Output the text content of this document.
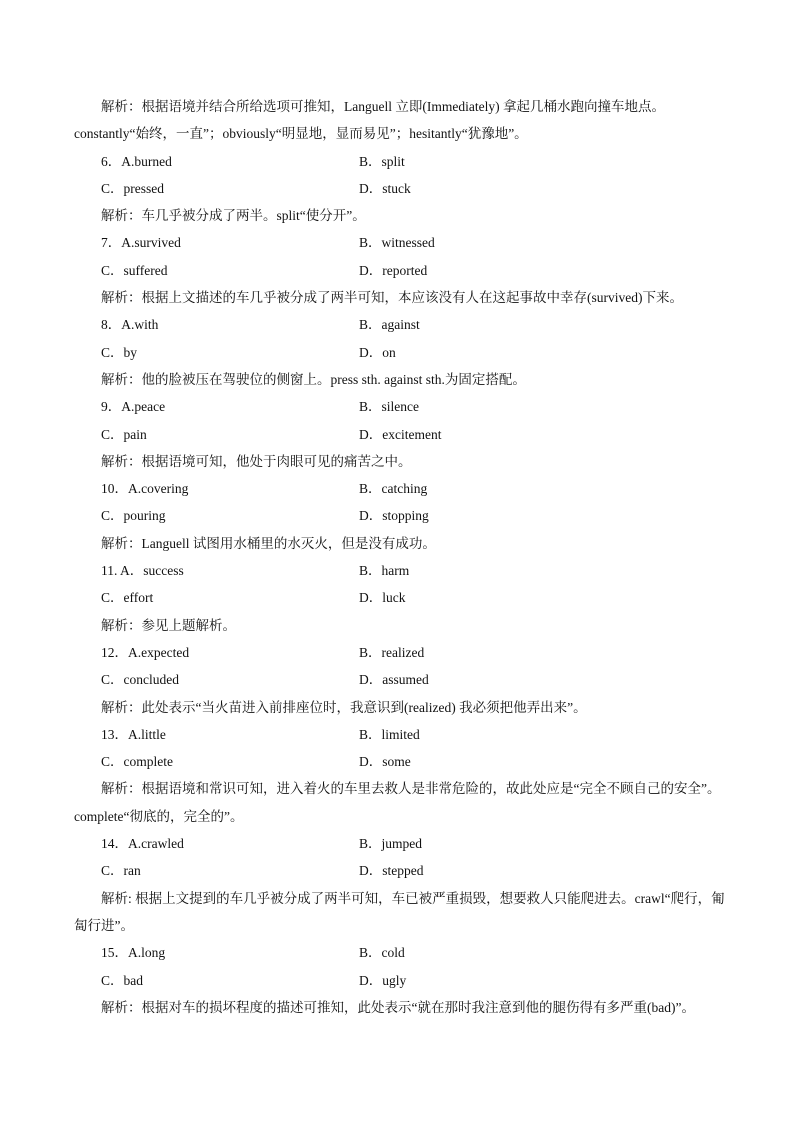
解析：根据语境并结合所给选项可推知，Languell 立即(Immediately) 拿起几桶水跑向撞车地点。constantly“始终，一直”；obviously“明显地，显而易见”；hesitantly“犹豫地”。
6．A.burned	B．split
C．pressed	D．stuck
解析：车几乎被分成了两半。split“使分开”。
7．A.survived	B．witnessed
C．suffered	D．reported
解析：根据上文描述的车几乎被分成了两半可知，本应该没有人在这起事故中幸存(survived)下来。
8．A.with	B．against
C．by	D．on
解析：他的脸被压在驾驶位的侧窗上。press sth. against sth.为固定搭配。
9．A.peace	B．silence
C．pain	D．excitement
解析：根据语境可知，他处于肉眼可见的痛苦之中。
10．A.covering	B．catching
C．pouring	D．stopping
解析：Languell 试图用水桶里的水灭火，但是没有成功。
11. A．success	B．harm
C．effort	D．luck
解析：参见上题解析。
12．A.expected	B．realized
C．concluded	D．assumed
解析：此处表示“当火苗进入前排座位时，我意识到(realized) 我必须把他弄出来”。
13．A.little	B．limited
C．complete	D．some
解析：根据语境和常识可知，进入着火的车里去救人是非常危险的，故此处应是“完全不顾自己的安全”。complete“彻底的，完全的”。
14．A.crawled	B．jumped
C．ran	D．stepped
解析: 根据上文提到的车几乎被分成了两半可知，车已被严重损毁，想要救人只能爬进去。crawl“爬行，匍匐行进”。
15．A.long	B．cold
C．bad	D．ugly
解析：根据对车的损坏程度的描述可推知，此处表示“就在那时我注意到他的腿伤得有多严重(bad)”。
